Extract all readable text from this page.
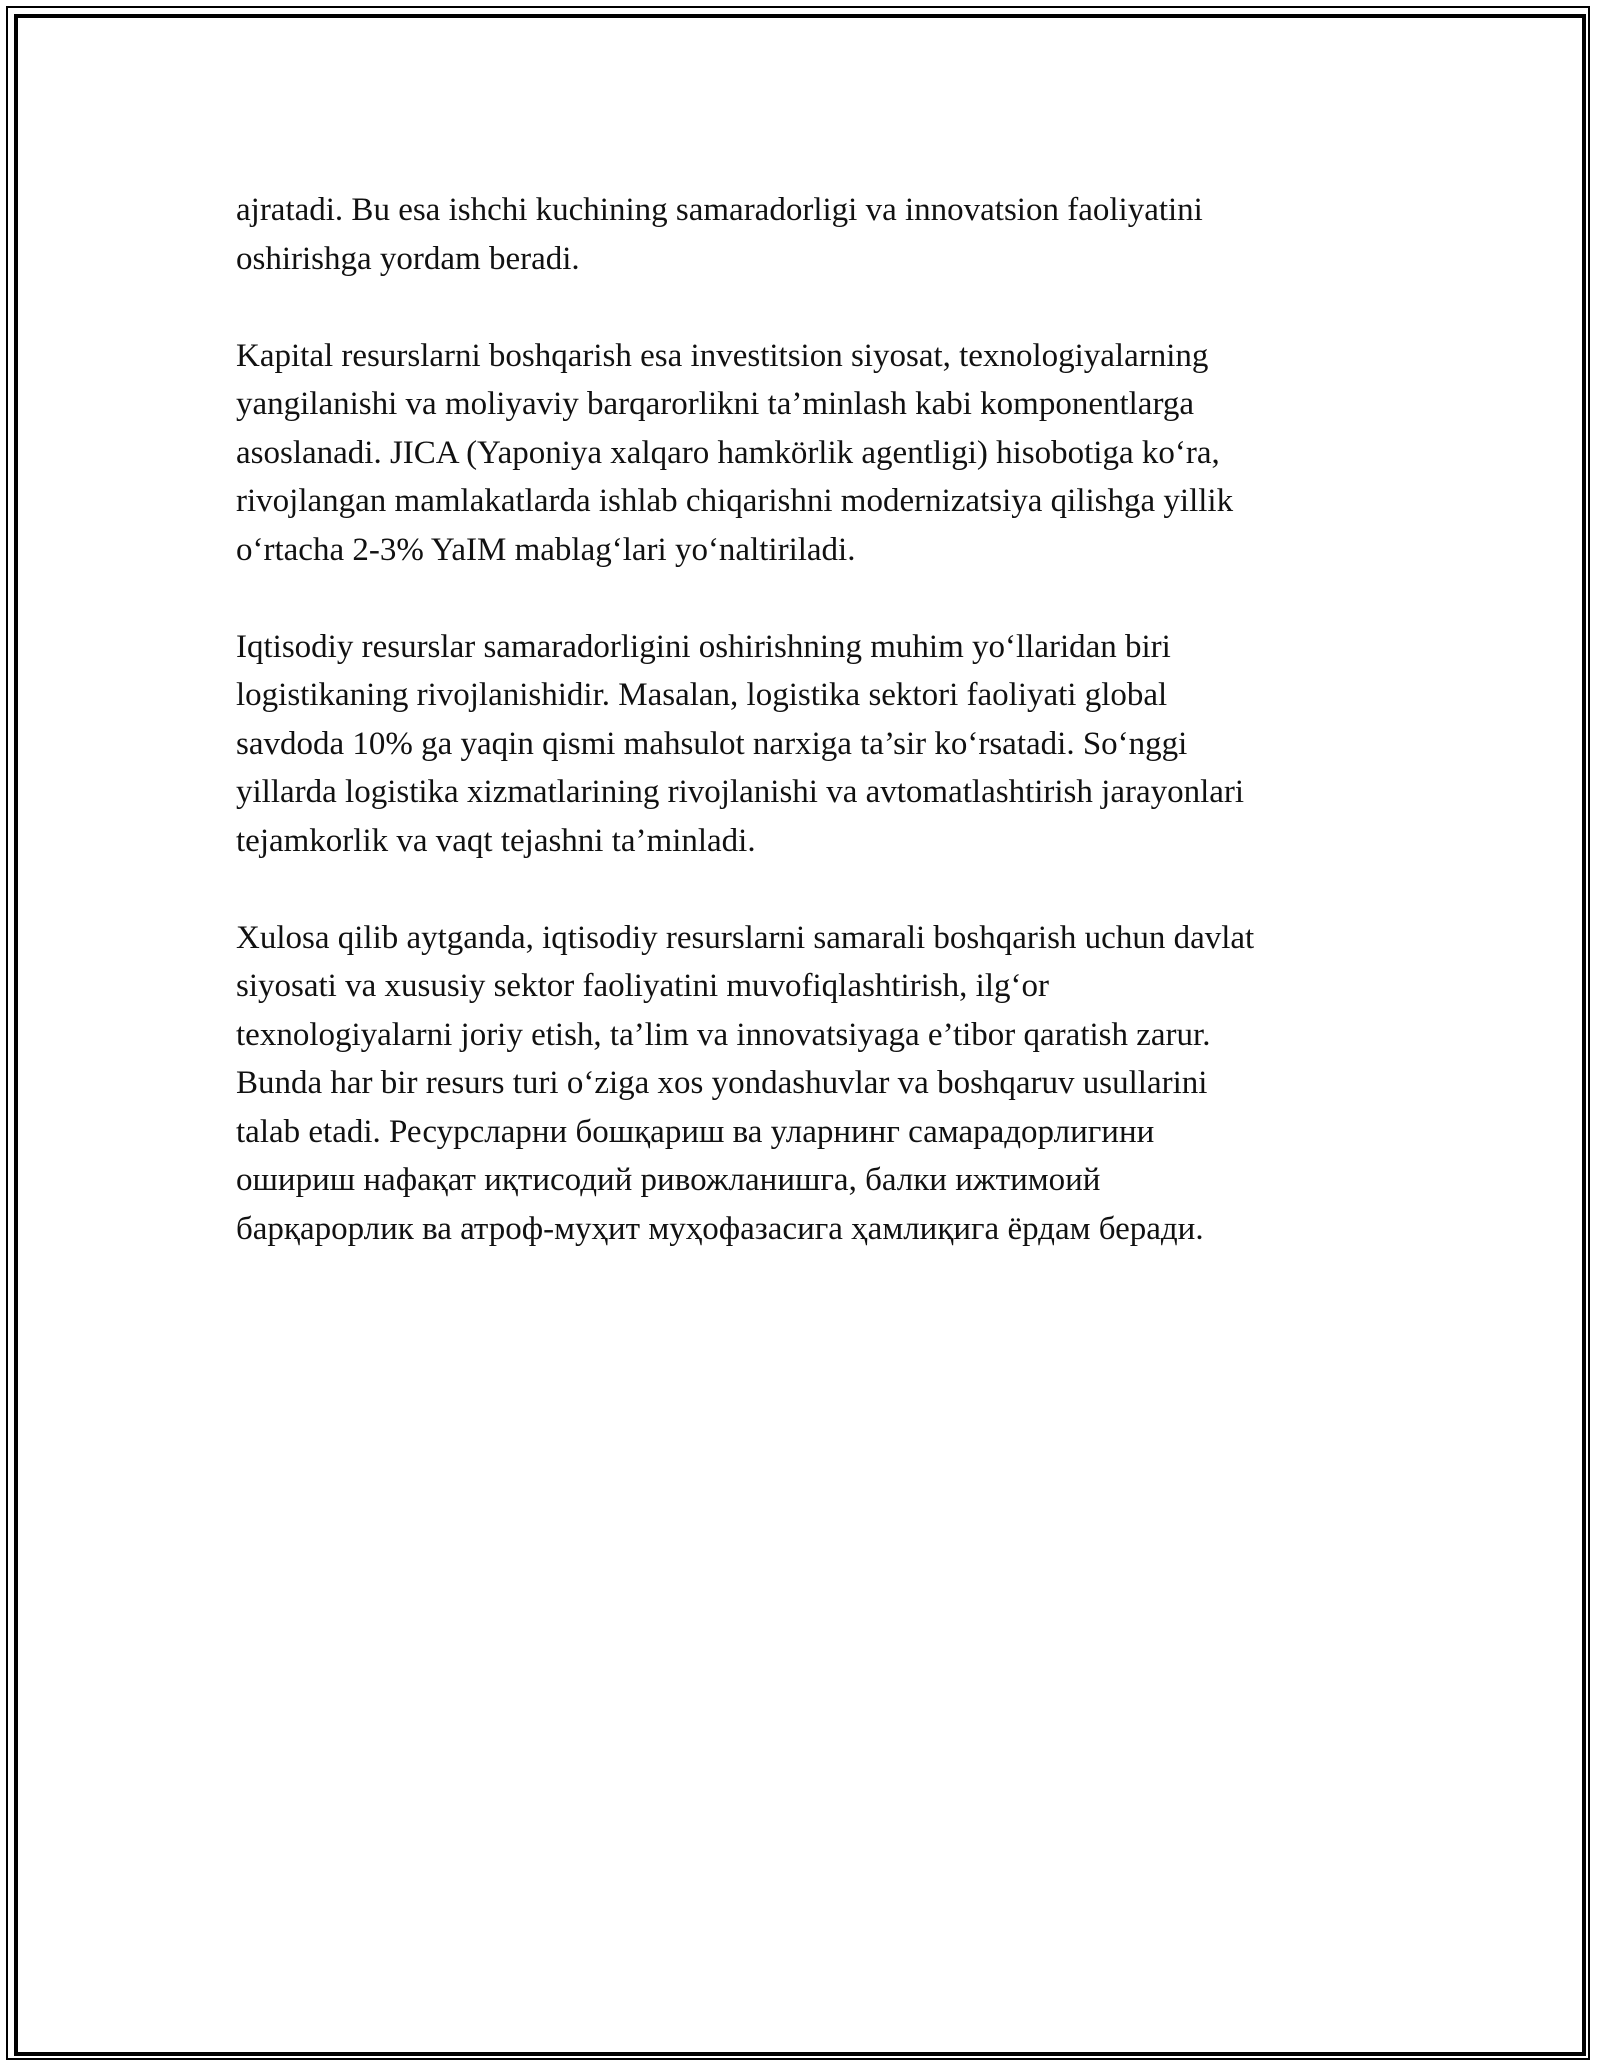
ajratadi. Bu esa ishchi kuchining samaradorligi va innovatsion faoliyatini
oshirishga yordam beradi.

Kapital resurslarni boshqarish esa investitsion siyosat, texnologiyalarning
yangilanishi va moliyaviy barqarorlikni ta’minlash kabi komponentlarga
asoslanadi. JICA (Yaponiya xalqaro hamkörlik agentligi) hisobotiga ko‘ra,
rivojlangan mamlakatlarda ishlab chiqarishni modernizatsiya qilishga yillik
o‘rtacha 2-3% YaIM mablag‘lari yo‘naltiriladi.

Iqtisodiy resurslar samaradorligini oshirishning muhim yo‘llaridan biri
logistikaning rivojlanishidir. Masalan, logistika sektori faoliyati global
savdoda 10% ga yaqin qismi mahsulot narxiga ta’sir ko‘rsatadi. So‘nggi
yillarda logistika xizmatlarining rivojlanishi va avtomatlashtirish jarayonlari
tejamkorlik va vaqt tejashni ta’minladi.

Xulosa qilib aytganda, iqtisodiy resurslarni samarali boshqarish uchun davlat
siyosati va xususiy sektor faoliyatini muvofiqlashtirish, ilg‘or
texnologiyalarni joriy etish, ta’lim va innovatsiyaga e’tibor qaratish zarur.
Bunda har bir resurs turi o‘ziga xos yondashuvlar va boshqaruv usullarini
talab etadi. Ресурсларни бошқариш ва уларнинг самарадорлигини
ошириш нафақат иқтисодий ривожланишга, балки ижтимоий
барқарорлик ва атроф-муҳит муҳофазасига ҳамлиқига ёрдам беради.
